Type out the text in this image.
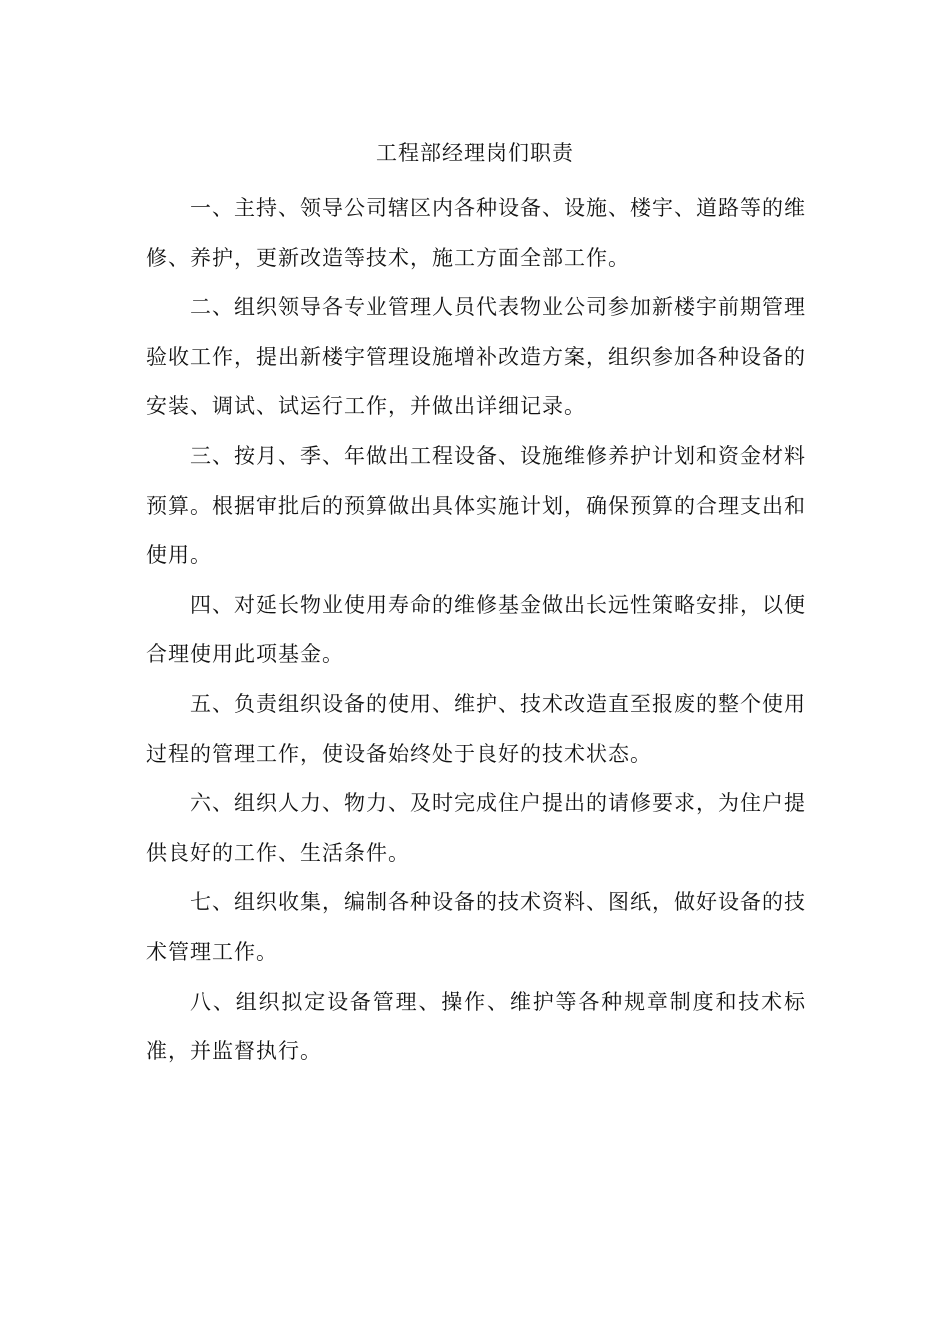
工程部经理岗们职责

一、主持、领导公司辖区内各种设备、设施、楼宇、道路等的维修、养护，更新改造等技术，施工方面全部工作。

二、组织领导各专业管理人员代表物业公司参加新楼宇前期管理验收工作，提出新楼宇管理设施增补改造方案，组织参加各种设备的安装、调试、试运行工作，并做出详细记录。

三、按月、季、年做出工程设备、设施维修养护计划和资金材料预算。根据审批后的预算做出具体实施计划，确保预算的合理支出和使用。

四、对延长物业使用寿命的维修基金做出长远性策略安排，以便合理使用此项基金。

五、负责组织设备的使用、维护、技术改造直至报废的整个使用过程的管理工作，使设备始终处于良好的技术状态。

六、组织人力、物力、及时完成住户提出的请修要求，为住户提供良好的工作、生活条件。

七、组织收集，编制各种设备的技术资料、图纸，做好设备的技术管理工作。

八、组织拟定设备管理、操作、维护等各种规章制度和技术标准，并监督执行。
